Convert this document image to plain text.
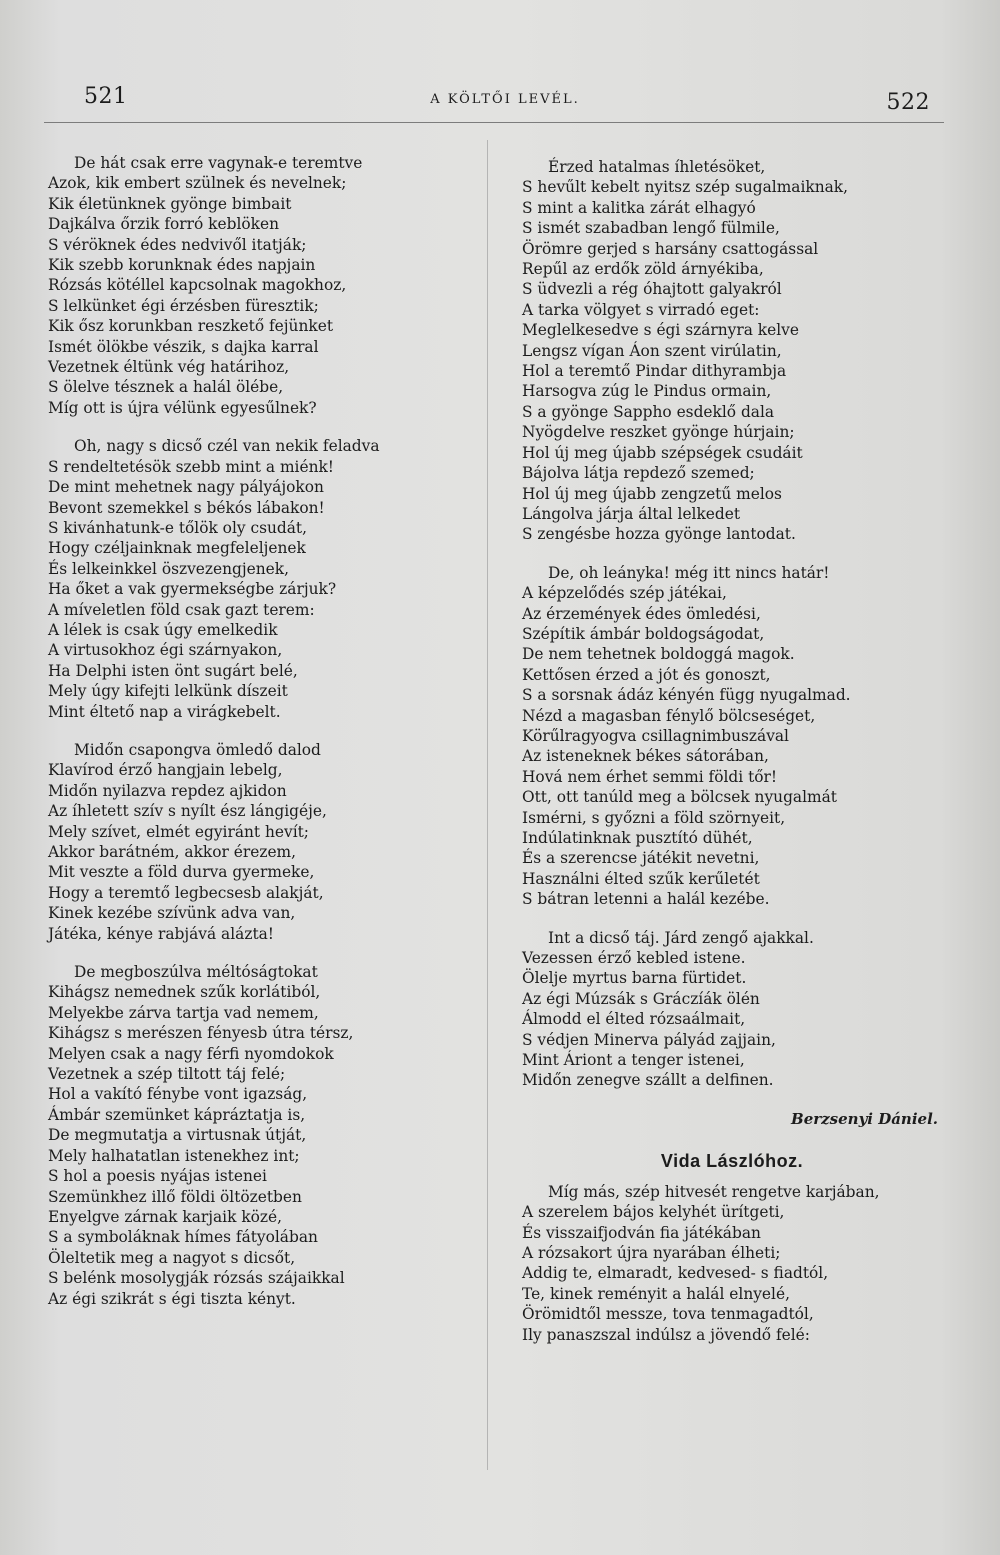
521	A KÖLTŐI LEVÉL.	522
De hát csak erre vagynak-e teremtve
Azok, kik embert szülnek és nevelnek;
Kik életünknek gyönge bimbait
Dajkálva őrzik forró keblöken
S véröknek édes nedvivől itatják;
Kik szebb korunknak édes napjain
Rózsás kötéllel kapcsolnak magokhoz,
S lelkünket égi érzésben füresztik;
Kik ősz korunkban reszkető fejünket
Ismét ölökbe vészik, s dajka karral
Vezetnek éltünk vég határihoz,
S ölelve tésznek a halál ölébe,
Míg ott is újra vélünk egyesűlnek?
Oh, nagy s dicső czél van nekik feladva
S rendeltetésök szebb mint a miénk!
De mint mehetnek nagy pályájokon
Bevont szemekkel s békós lábakon!
S kivánhatunk-e tőlök oly csudát,
Hogy czéljainknak megfeleljenek
És lelkeinkkel öszvezengjenek,
Ha őket a vak gyermekségbe zárjuk?
A míveletlen föld csak gazt terem:
A lélek is csak úgy emelkedik
A virtusokhoz égi szárnyakon,
Ha Delphi isten önt sugárt belé,
Mely úgy kifejti lelkünk díszeit
Mint éltető nap a virágkebelt.
Midőn csapongva ömledő dalod
Klavírod érző hangjain lebelg,
Midőn nyilazva repdez ajkidon
Az íhletett szív s nyílt ész lángigéje,
Mely szívet, elmét egyiránt hevít;
Akkor barátném, akkor érezem,
Mit veszte a föld durva gyermeke,
Hogy a teremtő legbecsesb alakját,
Kinek kezébe szívünk adva van,
Játéka, kénye rabjává alázta!
De megboszúlva méltóságtokat
Kihágsz nemednek szűk korlátiból,
Melyekbe zárva tartja vad nemem,
Kihágsz s merészen fényesb útra térsz,
Melyen csak a nagy férfi nyomdokok
Vezetnek a szép tiltott táj felé;
Hol a vakító fénybe vont igazság,
Ámbár szemünket kápráztatja is,
De megmutatja a virtusnak útját,
Mely halhatatlan istenekhez int;
S hol a poesis nyájas istenei
Szemünkhez illő földi öltözetben
Enyelgve zárnak karjaik közé,
S a symboláknak hímes fátyolában
Öleltetik meg a nagyot s dicsőt,
S belénk mosolygják rózsás szájaikkal
Az égi szikrát s égi tiszta kényt.
Érzed hatalmas íhletésöket,
S hevűlt kebelt nyitsz szép sugalmaiknak,
S mint a kalitka zárát elhagyó
S ismét szabadban lengő fülmile,
Örömre gerjed s harsány csattogással
Repűl az erdők zöld árnyékiba,
S üdvezli a rég óhajtott galyakról
A tarka völgyet s virradó eget:
Meglelkesedve s égi szárnyra kelve
Lengsz vígan Áon szent virúlatin,
Hol a teremtő Pindar dithyrambja
Harsogva zúg le Pindus ormain,
S a gyönge Sappho esdeklő dala
Nyögdelve reszket gyönge húrjain;
Hol új meg újabb szépségek csudáit
Bájolva látja repdező szemed;
Hol új meg újabb zengzetű melos
Lángolva járja által lelkedet
S zengésbe hozza gyönge lantodat.
De, oh leányka! még itt nincs határ!
A képzelődés szép játékai,
Az érzemények édes ömledési,
Szépítik ámbár boldogságodat,
De nem tehetnek boldoggá magok.
Kettősen érzed a jót és gonoszt,
S a sorsnak ádáz kényén függ nyugalmad.
Nézd a magasban fénylő bölcseséget,
Körűlragyogva csillagnimbuszával
Az isteneknek békes sátorában,
Hová nem érhet semmi földi tőr!
Ott, ott tanúld meg a bölcsek nyugalmát
Ismérni, s győzni a föld szörnyeit,
Indúlatinknak pusztító dühét,
És a szerencse játékit nevetni,
Használni élted szűk kerűletét
S bátran letenni a halál kezébe.
Int a dicső táj. Járd zengő ajakkal.
Vezessen érző kebled istene.
Ölelje myrtus barna fürtidet.
Az égi Múzsák s Gráczíák ölén
Álmodd el élted rózsaálmait,
S védjen Minerva pályád zajjain,
Mint Áriont a tenger istenei,
Midőn zenegve szállt a delfinen.
Berzsenyi Dániel.
Vida Lászlóhoz.
Míg más, szép hitvesét rengetve karjában,
A szerelem bájos kelyhét ürítgeti,
És visszaifjodván fia játékában
A rózsakort újra nyarában élheti;
Addig te, elmaradt, kedvesed- s fiadtól,
Te, kinek reményit a halál elnyelé,
Örömidtől messze, tova tenmagadtól,
Ily panaszszal indúlsz a jövendő felé:
